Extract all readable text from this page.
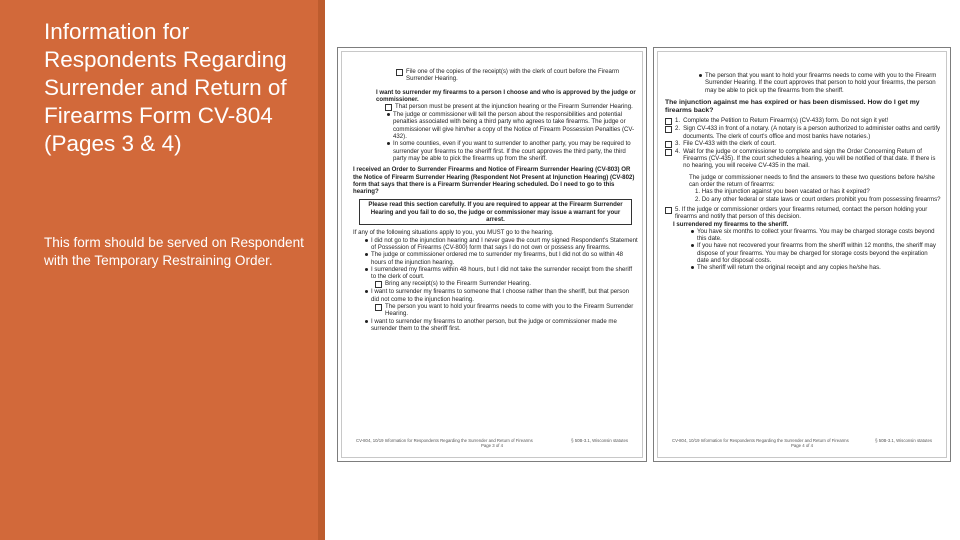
Information for Respondents Regarding Surrender and Return of Firearms Form CV-804 (Pages 3 & 4)

This form should be served on Respondent with the Temporary Restraining Order.

File one of the copies of the receipt(s) with the clerk of court before the Firearm Surrender Hearing.

I want to surrender my firearms to a person I choose and who is approved by the judge or commissioner.

That person must be present at the injunction hearing or the Firearm Surrender Hearing.
The judge or commissioner will tell the person about the responsibilities and potential penalties associated with being a third party who agrees to take firearms. The judge or commissioner will give him/her a copy of the Notice of Firearm Possession Penalties (CV-432).
In some counties, even if you want to surrender to another party, you may be required to surrender your firearms to the sheriff first. If the court approves the third party, the third party may be able to pick the firearms up from the sheriff.

I received an Order to Surrender Firearms and Notice of Firearm Surrender Hearing (CV-803) OR the Notice of Firearm Surrender Hearing (Respondent Not Present at Injunction Hearing) (CV-802) form that says that there is a Firearm Surrender Hearing scheduled. Do I need to go to this hearing?

Please read this section carefully. If you are required to appear at the Firearm Surrender Hearing and you fail to do so, the judge or commissioner may issue a warrant for your arrest.

If any of the following situations apply to you, you MUST go to the hearing.

I did not go to the injunction hearing and I never gave the court my signed Respondent's Statement of Possession of Firearms (CV-800) form that says I do not own or possess any firearms.
The judge or commissioner ordered me to surrender my firearms, but I did not do so within 48 hours of the injunction hearing.
I surrendered my firearms within 48 hours, but I did not take the surrender receipt from the sheriff to the clerk of court.
Bring any receipt(s) to the Firearm Surrender Hearing.
I want to surrender my firearms to someone that I choose rather than the sheriff, but that person did not come to the injunction hearing.
The person you want to hold your firearms needs to come with you to the Firearm Surrender Hearing.
I want to surrender my firearms to another person, but the judge or commissioner made me surrender them to the sheriff first.
CV-804, 10/19 Information for Respondents Regarding the Surrender and Return of Firearms	§ 50B-3.1, Wisconsin statutes
Page 3 of 4
The person that you want to hold your firearms needs to come with you to the Firearm Surrender Hearing. If the court approves that person to hold your firearms, the person may be able to pick up the firearms from the sheriff.

The injunction against me has expired or has been dismissed. How do I get my firearms back?

1. Complete the Petition to Return Firearm(s) (CV-433) form. Do not sign it yet!
2. Sign CV-433 in front of a notary. (A notary is a person authorized to administer oaths and certify documents. The clerk of court's office and most banks have notaries.)
3. File CV-433 with the clerk of court.
4. Wait for the judge or commissioner to complete and sign the Order Concerning Return of Firearms (CV-435). If the court schedules a hearing, you will be notified of that date. If there is no hearing, you will receive CV-435 in the mail.

The judge or commissioner needs to find the answers to these two questions before he/she can order the return of firearms:

1. Has the injunction against you been vacated or has it expired?

2. Do any other federal or state laws or court orders prohibit you from possessing firearms?

5. If the judge or commissioner orders your firearms returned, contact the person holding your firearms and notify that person of this decision.

I surrendered my firearms to the sheriff.

You have six months to collect your firearms. You may be charged storage costs beyond this date.
If you have not recovered your firearms from the sheriff within 12 months, the sheriff may dispose of your firearms. You may be charged for storage costs beyond the expiration date and for disposal costs.
The sheriff will return the original receipt and any copies he/she has.
CV-804, 10/19 Information for Respondents Regarding the Surrender and Return of Firearms	§ 50B-3.1, Wisconsin statutes
Page 4 of 4
